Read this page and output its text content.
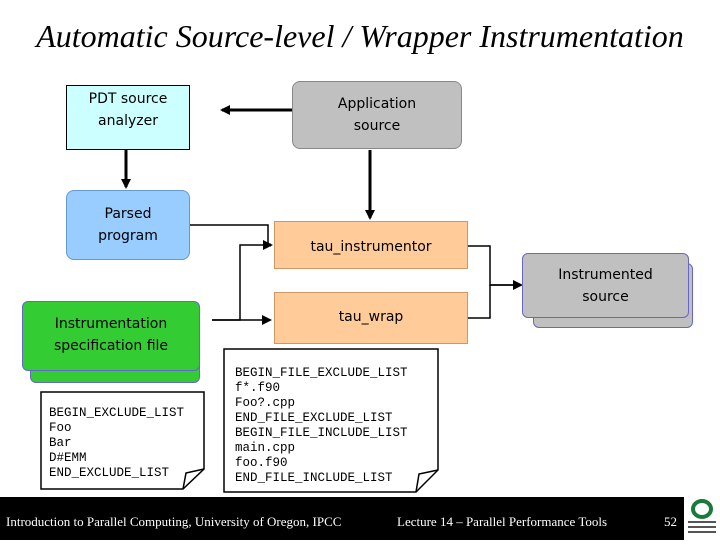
Automatic Source-level / Wrapper Instrumentation
PDT source
analyzer
Application
source
Parsed
program
tau_instrumentor
Instrumented
source
tau_wrap
Instrumentation
specification file
BEGIN_EXCLUDE_LIST
Foo
Bar
D#EMM
END_EXCLUDE_LIST
BEGIN_FILE_EXCLUDE_LIST
f*.f90
Foo?.cpp
END_FILE_EXCLUDE_LIST
BEGIN_FILE_INCLUDE_LIST
main.cpp
foo.f90
END_FILE_INCLUDE_LIST
Introduction to Parallel Computing, University of Oregon, IPCC	Lecture 14 – Parallel Performance Tools	52
